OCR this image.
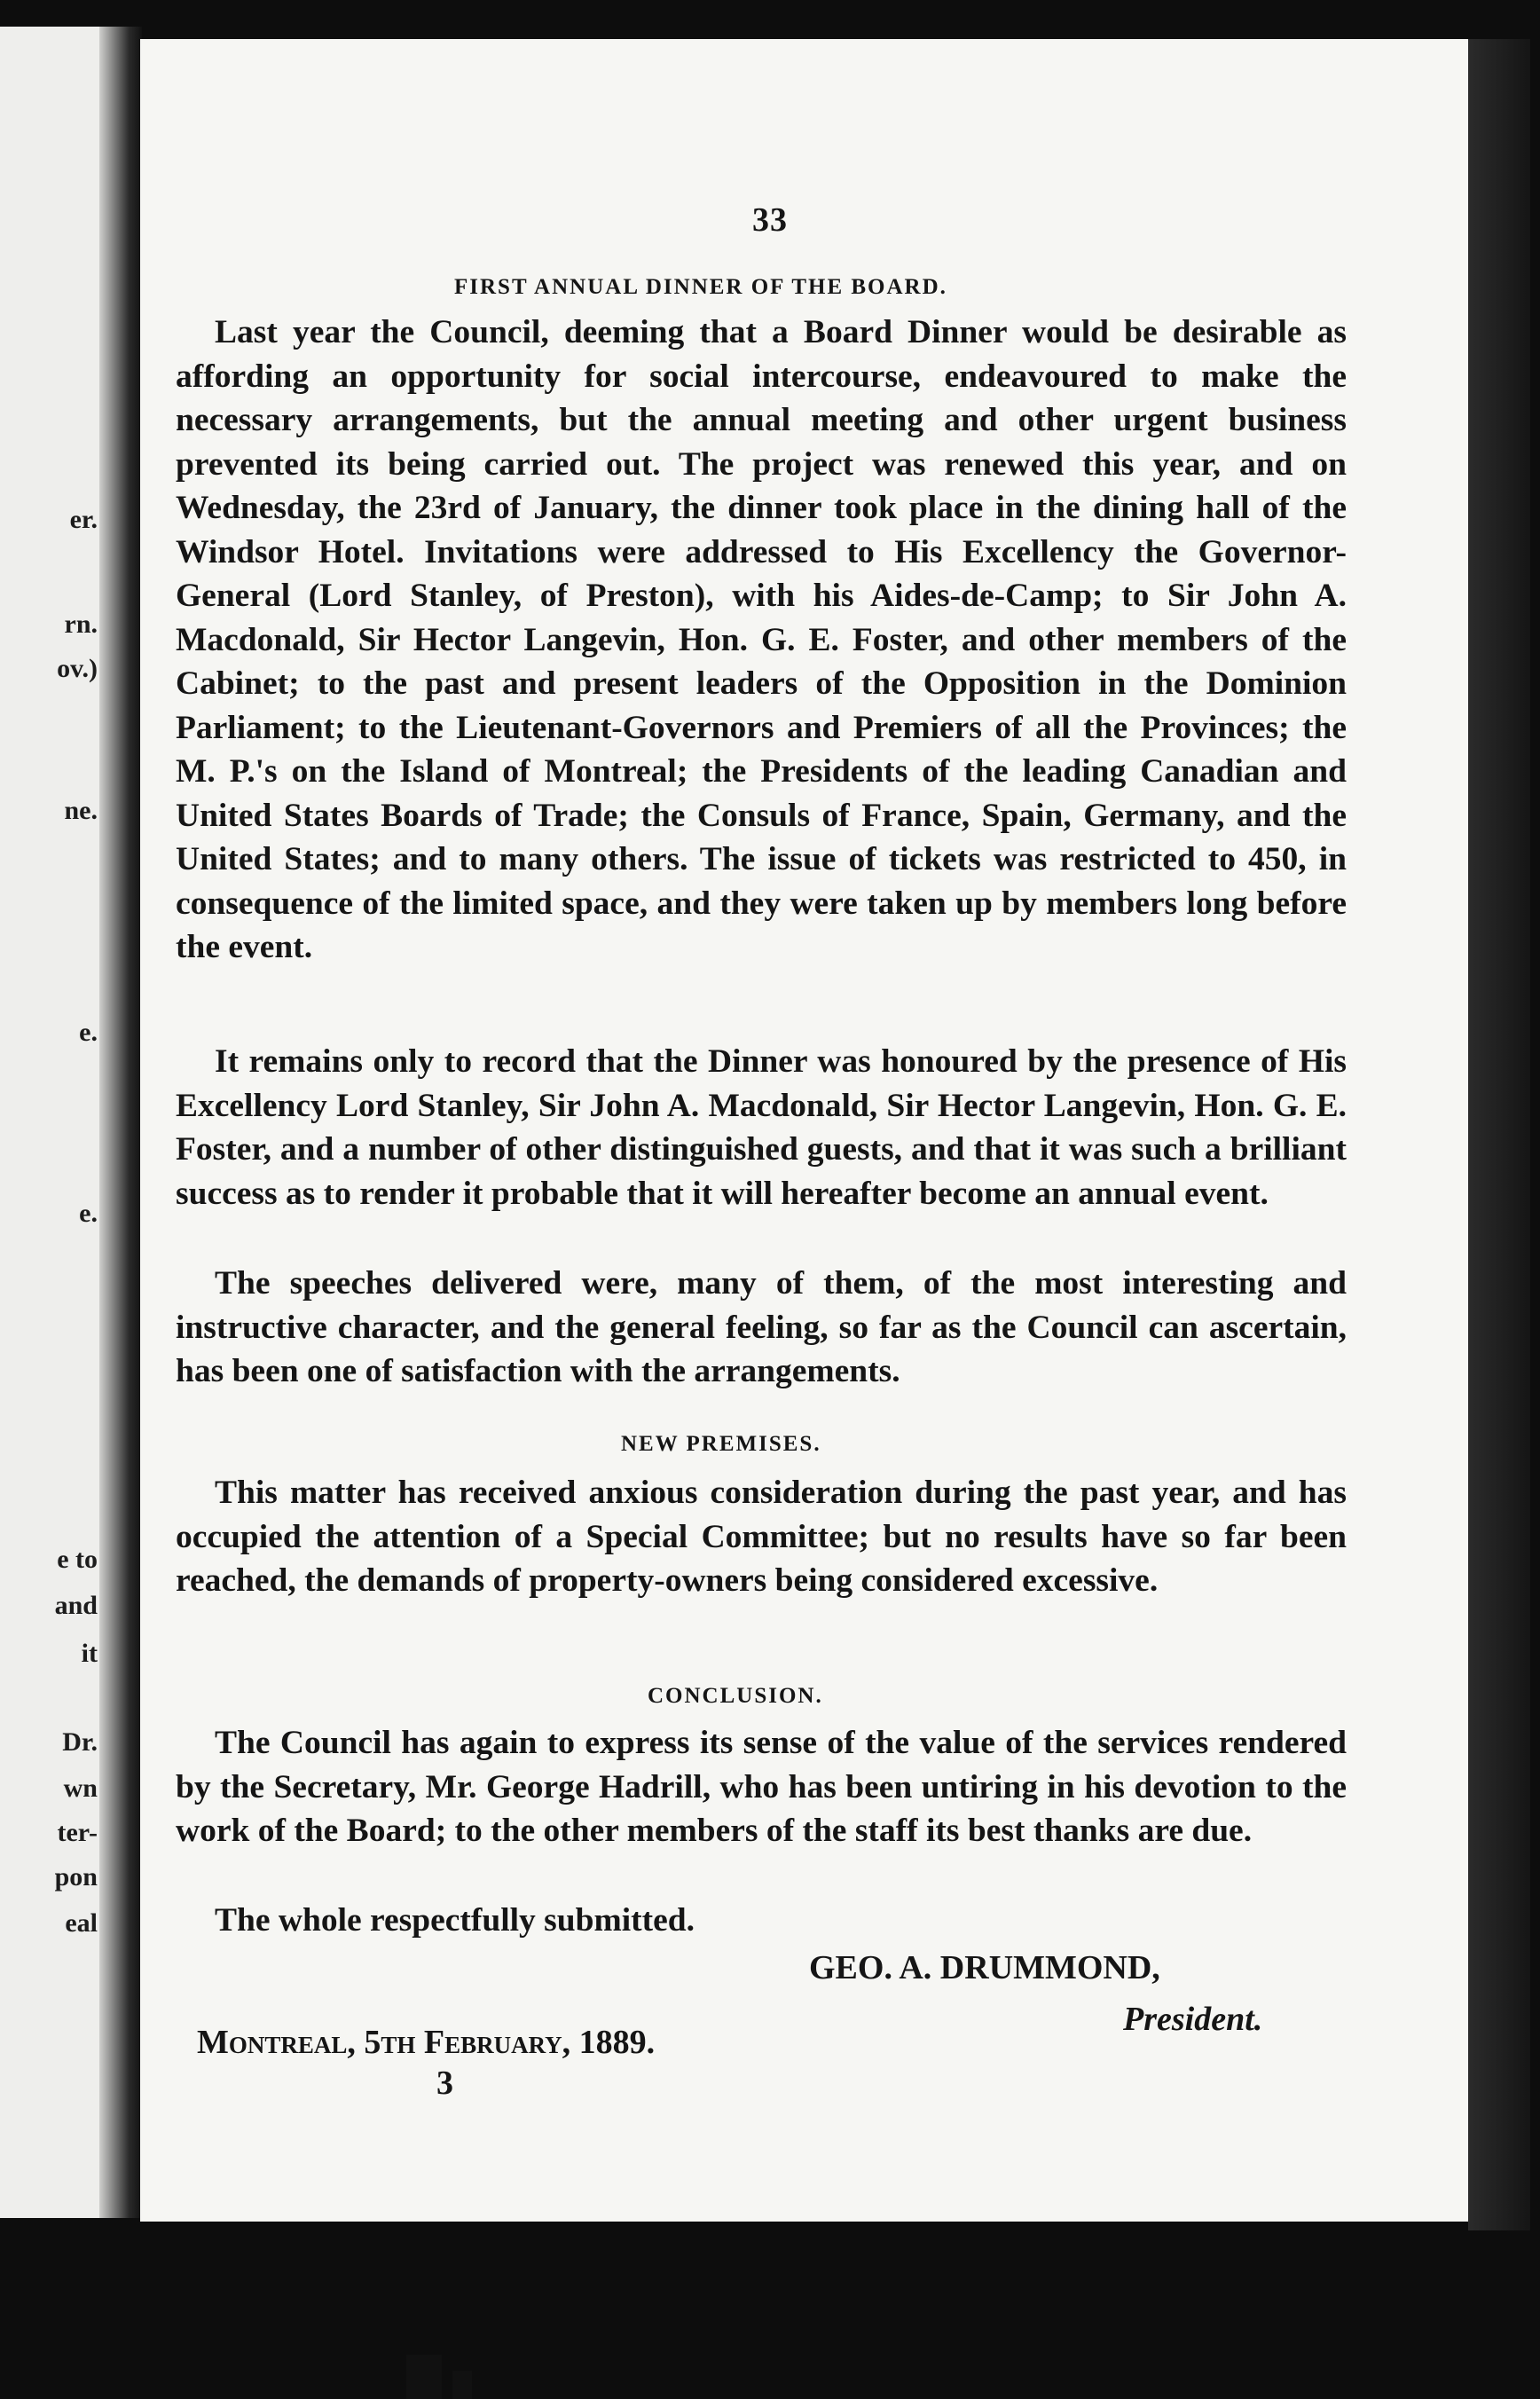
er.
rn.
ov.)
ne.
e.
e.
e to
and
it
Dr.
wn
ter-
pon
eal
33
FIRST ANNUAL DINNER OF THE BOARD.
Last year the Council, deeming that a Board Dinner would be desirable as affording an opportunity for social intercourse, endeavoured to make the necessary arrangements, but the annual meeting and other urgent business prevented its being carried out. The project was renewed this year, and on Wednesday, the 23rd of January, the dinner took place in the dining hall of the Windsor Hotel. Invitations were addressed to His Excellency the Governor-General (Lord Stanley, of Preston), with his Aides-de-Camp; to Sir John A. Macdonald, Sir Hector Langevin, Hon. G. E. Foster, and other members of the Cabinet; to the past and present leaders of the Opposition in the Dominion Parliament; to the Lieutenant-Governors and Premiers of all the Provinces; the M. P.'s on the Island of Montreal; the Presidents of the leading Canadian and United States Boards of Trade; the Consuls of France, Spain, Germany, and the United States; and to many others. The issue of tickets was restricted to 450, in consequence of the limited space, and they were taken up by members long before the event.
It remains only to record that the Dinner was honoured by the presence of His Excellency Lord Stanley, Sir John A. Macdonald, Sir Hector Langevin, Hon. G. E. Foster, and a number of other distinguished guests, and that it was such a brilliant success as to render it probable that it will hereafter become an annual event.
The speeches delivered were, many of them, of the most interesting and instructive character, and the general feeling, so far as the Council can ascertain, has been one of satisfaction with the arrangements.
NEW PREMISES.
This matter has received anxious consideration during the past year, and has occupied the attention of a Special Committee; but no results have so far been reached, the demands of property-owners being considered excessive.
CONCLUSION.
The Council has again to express its sense of the value of the services rendered by the Secretary, Mr. George Hadrill, who has been untiring in his devotion to the work of the Board; to the other members of the staff its best thanks are due.
The whole respectfully submitted.
GEO. A. DRUMMOND,
President.
Montreal, 5th February, 1889.
3
